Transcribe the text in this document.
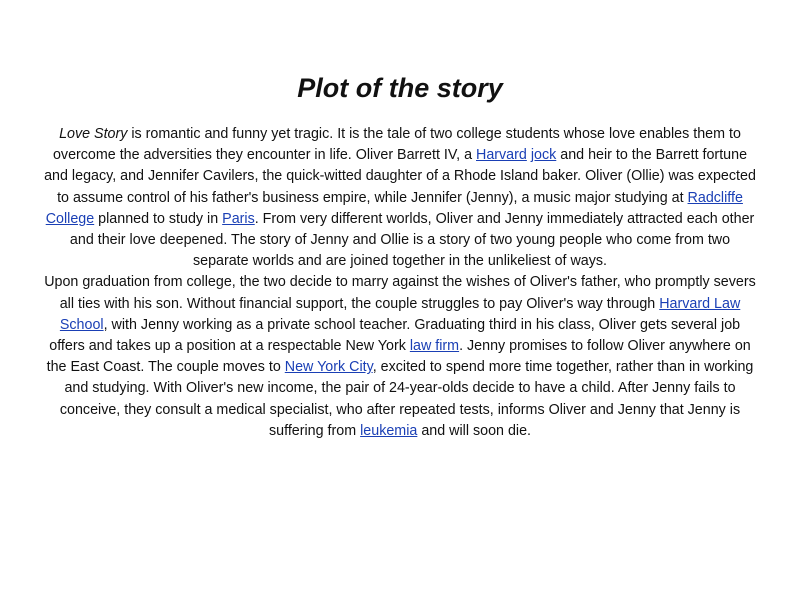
Plot of the story

Love Story is romantic and funny yet tragic. It is the tale of two college students whose love enables them to overcome the adversities they encounter in life. Oliver Barrett IV, a Harvard jock and heir to the Barrett fortune and legacy, and Jennifer Cavilers, the quick-witted daughter of a Rhode Island baker. Oliver (Ollie) was expected to assume control of his father's business empire, while Jennifer (Jenny), a music major studying at Radcliffe College planned to study in Paris. From very different worlds, Oliver and Jenny immediately attracted each other and their love deepened. The story of Jenny and Ollie is a story of two young people who come from two separate worlds and are joined together in the unlikeliest of ways.

Upon graduation from college, the two decide to marry against the wishes of Oliver's father, who promptly severs all ties with his son. Without financial support, the couple struggles to pay Oliver's way through Harvard Law School, with Jenny working as a private school teacher. Graduating third in his class, Oliver gets several job offers and takes up a position at a respectable New York law firm. Jenny promises to follow Oliver anywhere on the East Coast. The couple moves to New York City, excited to spend more time together, rather than in working and studying. With Oliver's new income, the pair of 24-year-olds decide to have a child. After Jenny fails to conceive, they consult a medical specialist, who after repeated tests, informs Oliver and Jenny that Jenny is suffering from leukemia and will soon die.
